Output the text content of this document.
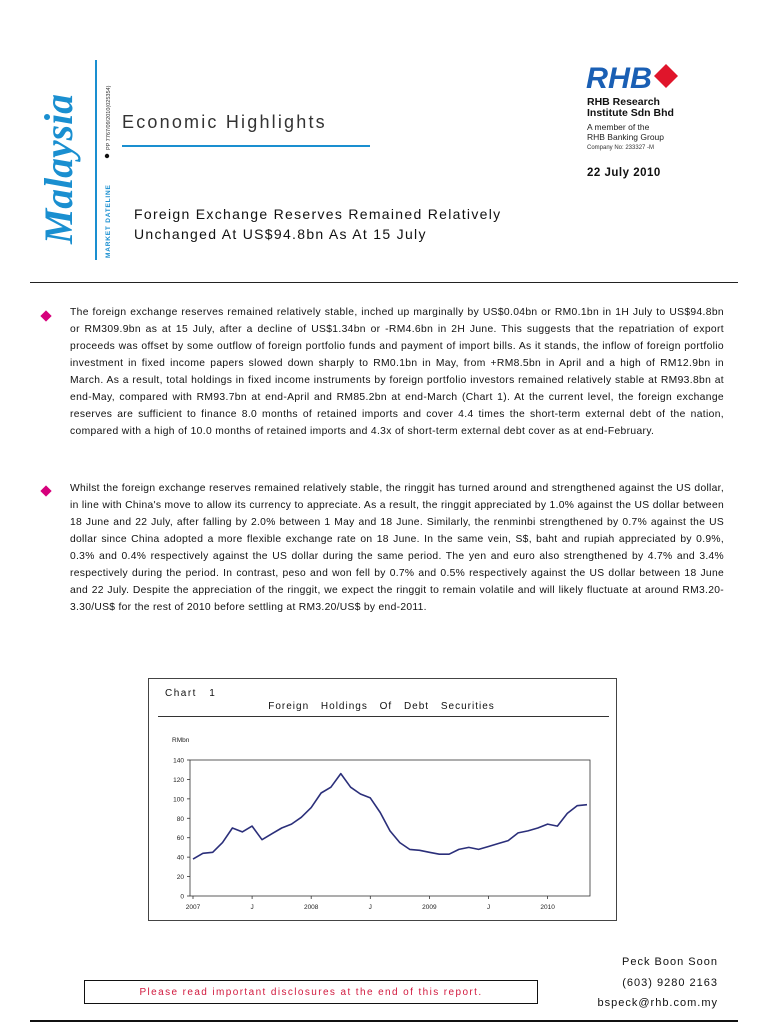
Malaysia	PP 7767/09/2010(025354)
MARKET DATELINE
Economic Highlights
Foreign Exchange Reserves Remained Relatively
Unchanged At US$94.8bn As At 15 July
RHB
RHB Research
Institute Sdn Bhd
A member of the
RHB Banking Group
Company No: 233327 -M
22 July 2010
The foreign exchange reserves remained relatively stable, inched up marginally by US$0.04bn or RM0.1bn in 1H July to US$94.8bn or RM309.9bn as at 15 July, after a decline of US$1.34bn or -RM4.6bn in 2H June. This suggests that the repatriation of export proceeds was offset by some outflow of foreign portfolio funds and payment of import bills. As it stands, the inflow of foreign portfolio investment in fixed income papers slowed down sharply to RM0.1bn in May, from +RM8.5bn in April and a high of RM12.9bn in March. As a result, total holdings in fixed income instruments by foreign portfolio investors remained relatively stable at RM93.8bn at end-May, compared with RM93.7bn at end-April and RM85.2bn at end-March (Chart 1). At the current level, the foreign exchange reserves are sufficient to finance 8.0 months of retained imports and cover 4.4 times the short-term external debt of the nation, compared with a high of 10.0 months of retained imports and 4.3x of short-term external debt cover as at end-February.
Whilst the foreign exchange reserves remained relatively stable, the ringgit has turned around and strengthened against the US dollar, in line with China's move to allow its currency to appreciate. As a result, the ringgit appreciated by 1.0% against the US dollar between 18 June and 22 July, after falling by 2.0% between 1 May and 18 June. Similarly, the renminbi strengthened by 0.7% against the US dollar since China adopted a more flexible exchange rate on 18 June. In the same vein, S$, baht and rupiah appreciated by 0.9%, 0.3% and 0.4% respectively against the US dollar during the same period. The yen and euro also strengthened by 4.7% and 3.4% respectively during the period. In contrast, peso and won fell by 0.7% and 0.5% respectively against the US dollar between 18 June and 22 July. Despite the appreciation of the ringgit, we expect the ringgit to remain volatile and will likely fluctuate at around RM3.20-3.30/US$ for the rest of 2010 before settling at RM3.20/US$ by end-2011.
Chart 1
Foreign Holdings Of Debt Securities
RMbn
0
20
40
60
80
100
120
140
2007	J	2008	J	2009	J	2010
Peck Boon Soon
(603) 9280 2163
bspeck@rhb.com.my
Please read important disclosures at the end of this report.
